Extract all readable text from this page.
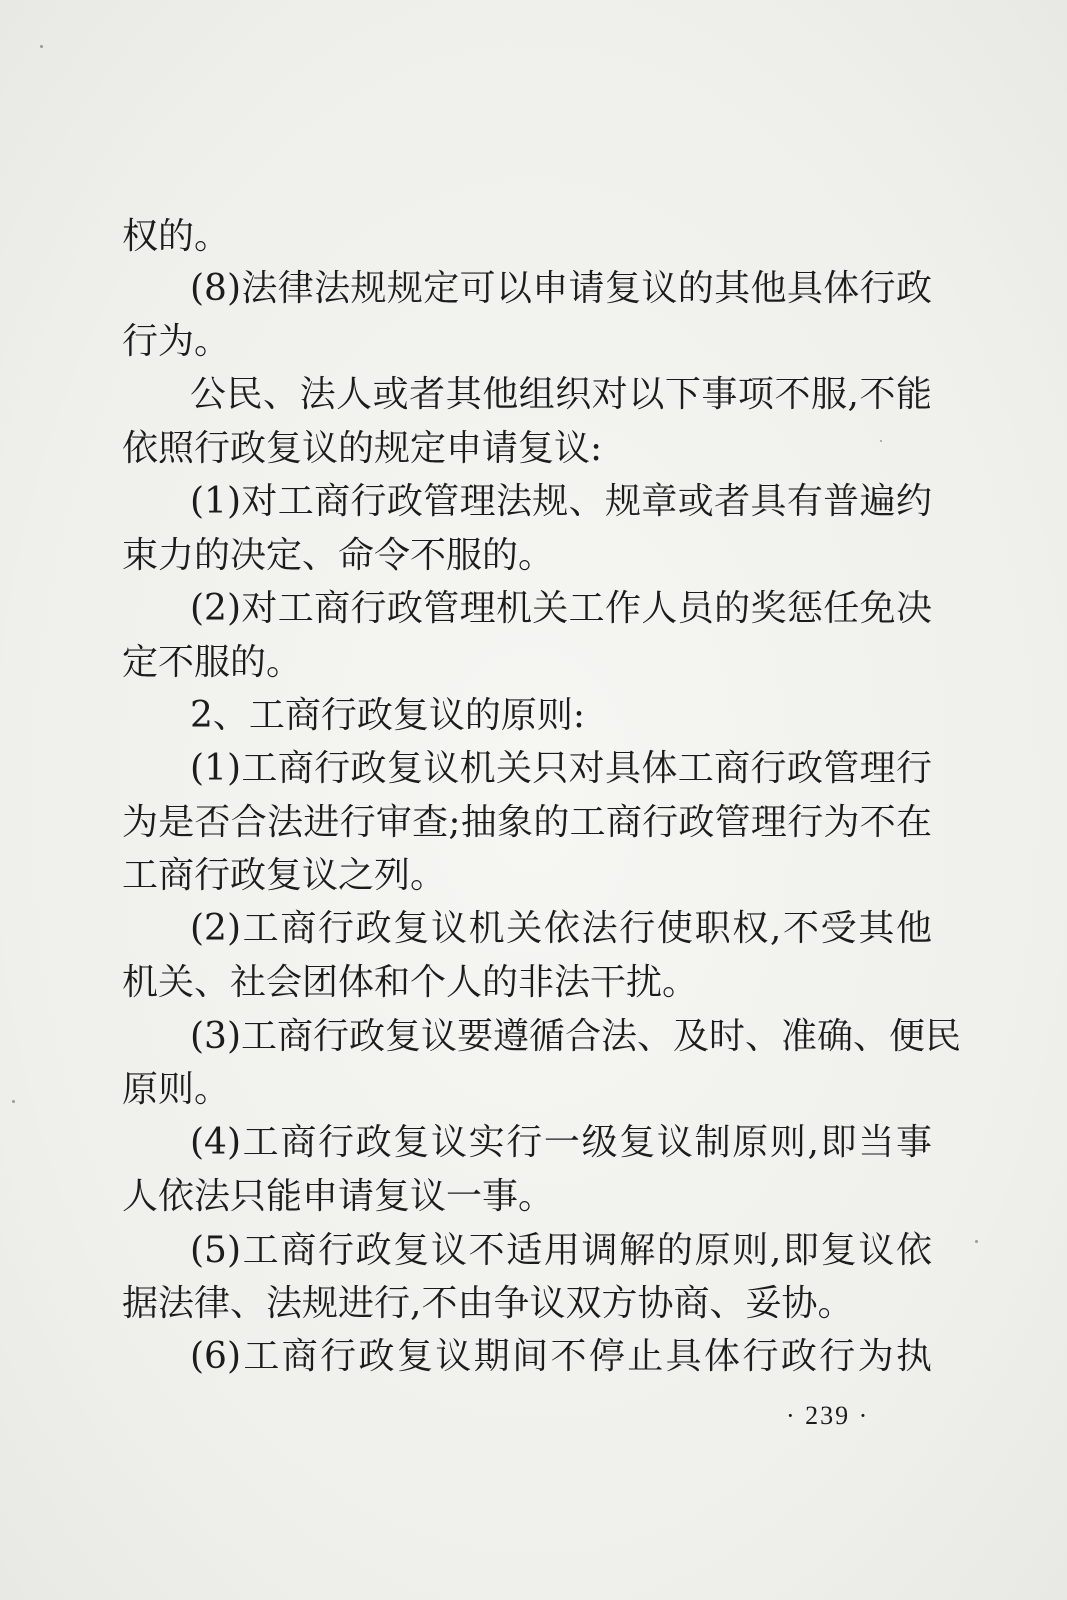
权的。
(8)法律法规规定可以申请复议的其他具体行政
行为。
公民、法人或者其他组织对以下事项不服,不能
依照行政复议的规定申请复议:
(1)对工商行政管理法规、规章或者具有普遍约
束力的决定、命令不服的。
(2)对工商行政管理机关工作人员的奖惩任免决
定不服的。
2、工商行政复议的原则:
(1)工商行政复议机关只对具体工商行政管理行
为是否合法进行审查;抽象的工商行政管理行为不在
工商行政复议之列。
(2)工商行政复议机关依法行使职权,不受其他
机关、社会团体和个人的非法干扰。
(3)工商行政复议要遵循合法、及时、准确、便民
原则。
(4)工商行政复议实行一级复议制原则,即当事
人依法只能申请复议一事。
(5)工商行政复议不适用调解的原则,即复议依
据法律、法规进行,不由争议双方协商、妥协。
(6)工商行政复议期间不停止具体行政行为执
· 239 ·
